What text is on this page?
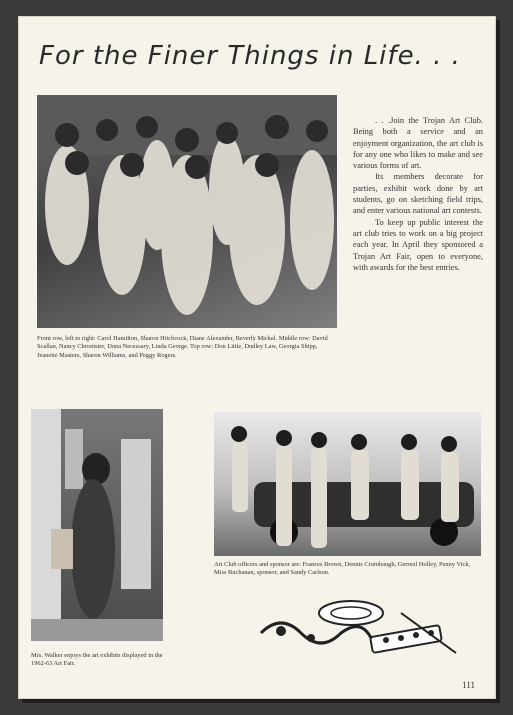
For the Finer Things in Life. . .

. . .Join the Trojan Art Club. Being both a service and an enjoyment organization, the art club is for any one who likes to make and see various forms of art.

Its members decorate for parties, exhibit work done by art students, go on sketching field trips, and enter various national art contests.

To keep up public interest the art club tries to work on a big project each year. In April they sponsored a Trojan Art Fair, open to everyone, with awards for the best entries.

Front row, left to right: Carol Hamilton, Sharon Hitchcock, Diane Alexander, Beverly Mickel. Middle row: David Scallan, Nancy Chronister, Dona Necessary, Linda George. Top row: Don Little, Dudley Law, Georgia Shipp, Jeanette Masters, Sharon Williams, and Peggy Rogers.
Mrs. Walker enjoys the art exhibits displayed in the 1962-63 Art Fair.
Art Club officers and sponsor are: Frances Brown, Dennis Crumbaugh, Gerreul Holley, Penny Vick, Miss Buchanan, sponsor, and Sandy Carlson.
111
